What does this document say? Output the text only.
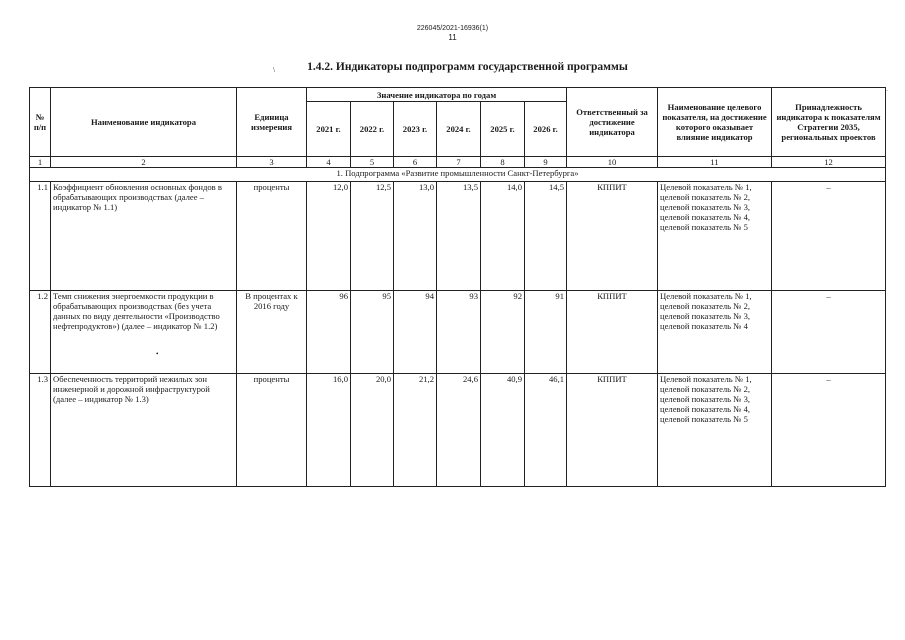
226045/2021-16936(1)
11
\	1.4.2. Индикаторы подпрограмм государственной программы
-
•
№ п/п	Наименование индикатора	Единица измерения	Значение индикатора по годам						Ответственный за достижение индикатора	Наименование целевого показателя, на достижение которого оказывает влияние индикатор	Принадлежность индикатора к показателям Стратегии 2035, региональных проектов
			2021 г.	2022 г.	2023 г.	2024 г.	2025 г.	2026 г.			
1	2	3	4	5	6	7	8	9	10	11	12
1. Подпрограмма «Развитие промышленности Санкт-Петербурга»											
1.1	Коэффициент обновления основных фондов в обрабатывающих производствах (далее – индикатор № 1.1)	проценты	12,0	12,5	13,0	13,5	14,0	14,5	КППИТ	Целевой показатель № 1, целевой показатель № 2, целевой показатель № 3, целевой показатель № 4, целевой показатель № 5	–
1.2	Темп снижения энергоемкости продукции в обрабатывающих производствах (без учета данных по виду деятельности «Производство нефтепродуктов») (далее – индикатор № 1.2)	В процентах к 2016 году	96	95	94	93	92	91	КППИТ	Целевой показатель № 1, целевой показатель № 2, целевой показатель № 3, целевой показатель № 4	–
1.3	Обеспеченность территорий нежилых зон инженерной и дорожной инфраструктурой (далее – индикатор № 1.3)	проценты	16,0	20,0	21,2	24,6	40,9	46,1	КППИТ	Целевой показатель № 1, целевой показатель № 2, целевой показатель № 3, целевой показатель № 4, целевой показатель № 5	–
